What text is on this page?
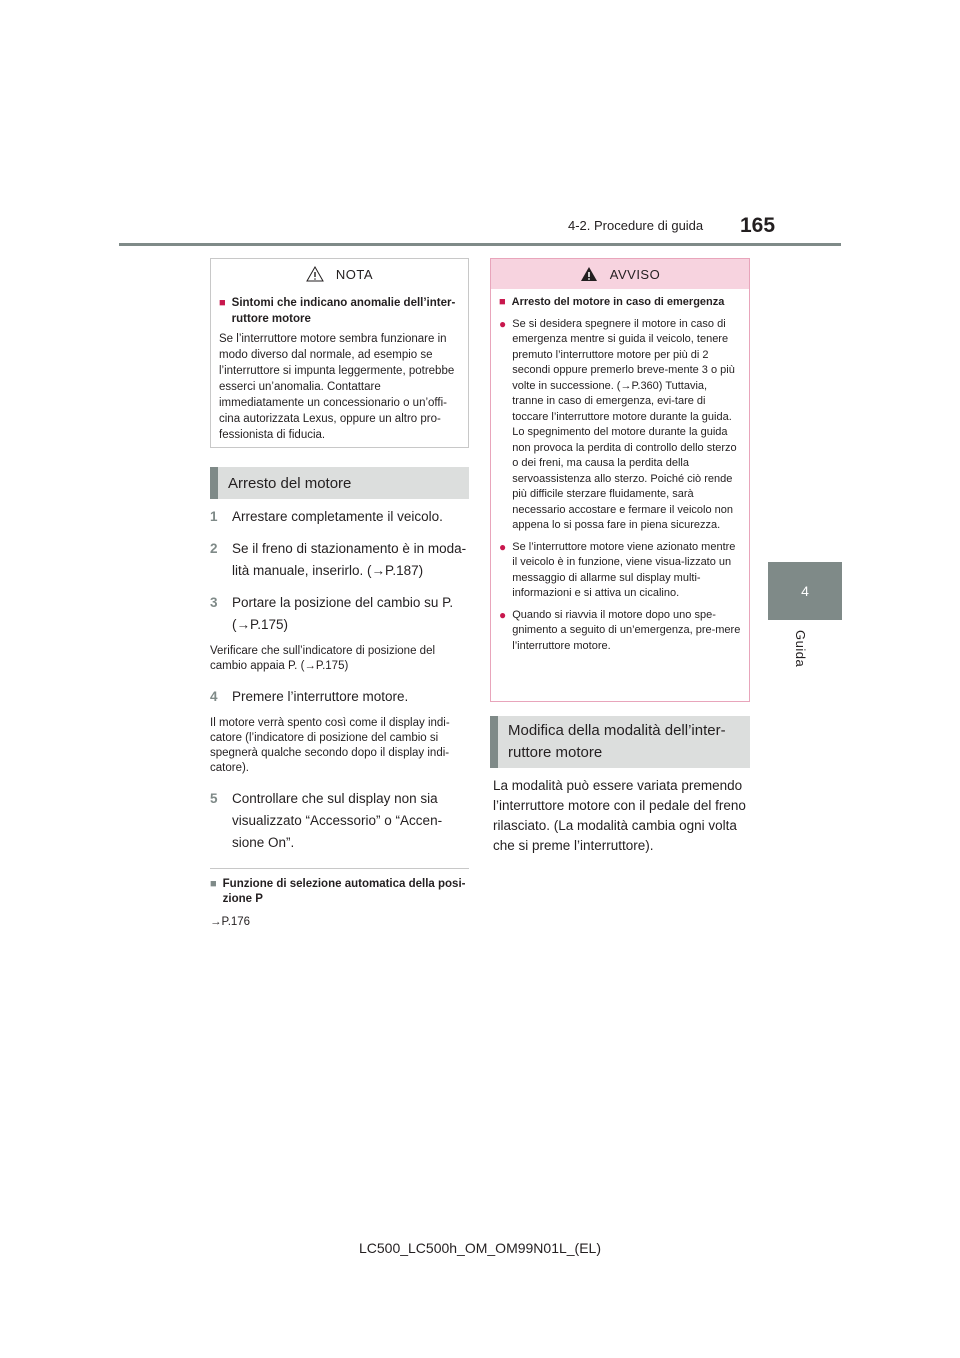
4-2. Procedure di guida 165
4
Guida
NOTA
■ Sintomi che indicano anomalie dell’inter-ruttore motore
Se l’interruttore motore sembra funzionare in modo diverso dal normale, ad esempio se l’interruttore si impunta leggermente, potrebbe esserci un’anomalia. Contattare immediatamente un concessionario o un’offi-cina autorizzata Lexus, oppure un altro pro-fessionista di fiducia.
Arresto del motore
1	Arrestare completamente il veicolo.
2	Se il freno di stazionamento è in moda-lità manuale, inserirlo. (→P.187)
3	Portare la posizione del cambio su P. (→P.175)
Verificare che sull’indicatore di posizione del cambio appaia P. (→P.175)
4	Premere l’interruttore motore.
Il motore verrà spento così come il display indi-catore (l’indicatore di posizione del cambio si spegnerà qualche secondo dopo il display indi-catore).
5	Controllare che sul display non sia visualizzato “Accessorio” o “Accen-sione On”.
■ Funzione di selezione automatica della posi-zione P
→P.176
AVVISO
■ Arresto del motore in caso di emergenza
● Se si desidera spegnere il motore in caso di emergenza mentre si guida il veicolo, tenere premuto l’interruttore motore per più di 2 secondi oppure premerlo breve-mente 3 o più volte in successione. (→P.360) Tuttavia, tranne in caso di emergenza, evi-tare di toccare l’interruttore motore durante la guida. Lo spegnimento del motore durante la guida non provoca la perdita di controllo dello sterzo o dei freni, ma causa la perdita della servoassistenza allo sterzo. Poiché ciò rende più difficile sterzare fluidamente, sarà necessario accostare e fermare il veicolo non appena lo si possa fare in piena sicurezza.
● Se l’interruttore motore viene azionato mentre il veicolo è in funzione, viene visua-lizzato un messaggio di allarme sul display multi-informazioni e si attiva un cicalino.
● Quando si riavvia il motore dopo uno spe-gnimento a seguito di un’emergenza, pre-mere l’interruttore motore.
Modifica della modalità dell’inter-ruttore motore
La modalità può essere variata premendo l’interruttore motore con il pedale del freno rilasciato. (La modalità cambia ogni volta che si preme l’interruttore).
LC500_LC500h_OM_OM99N01L_(EL)
